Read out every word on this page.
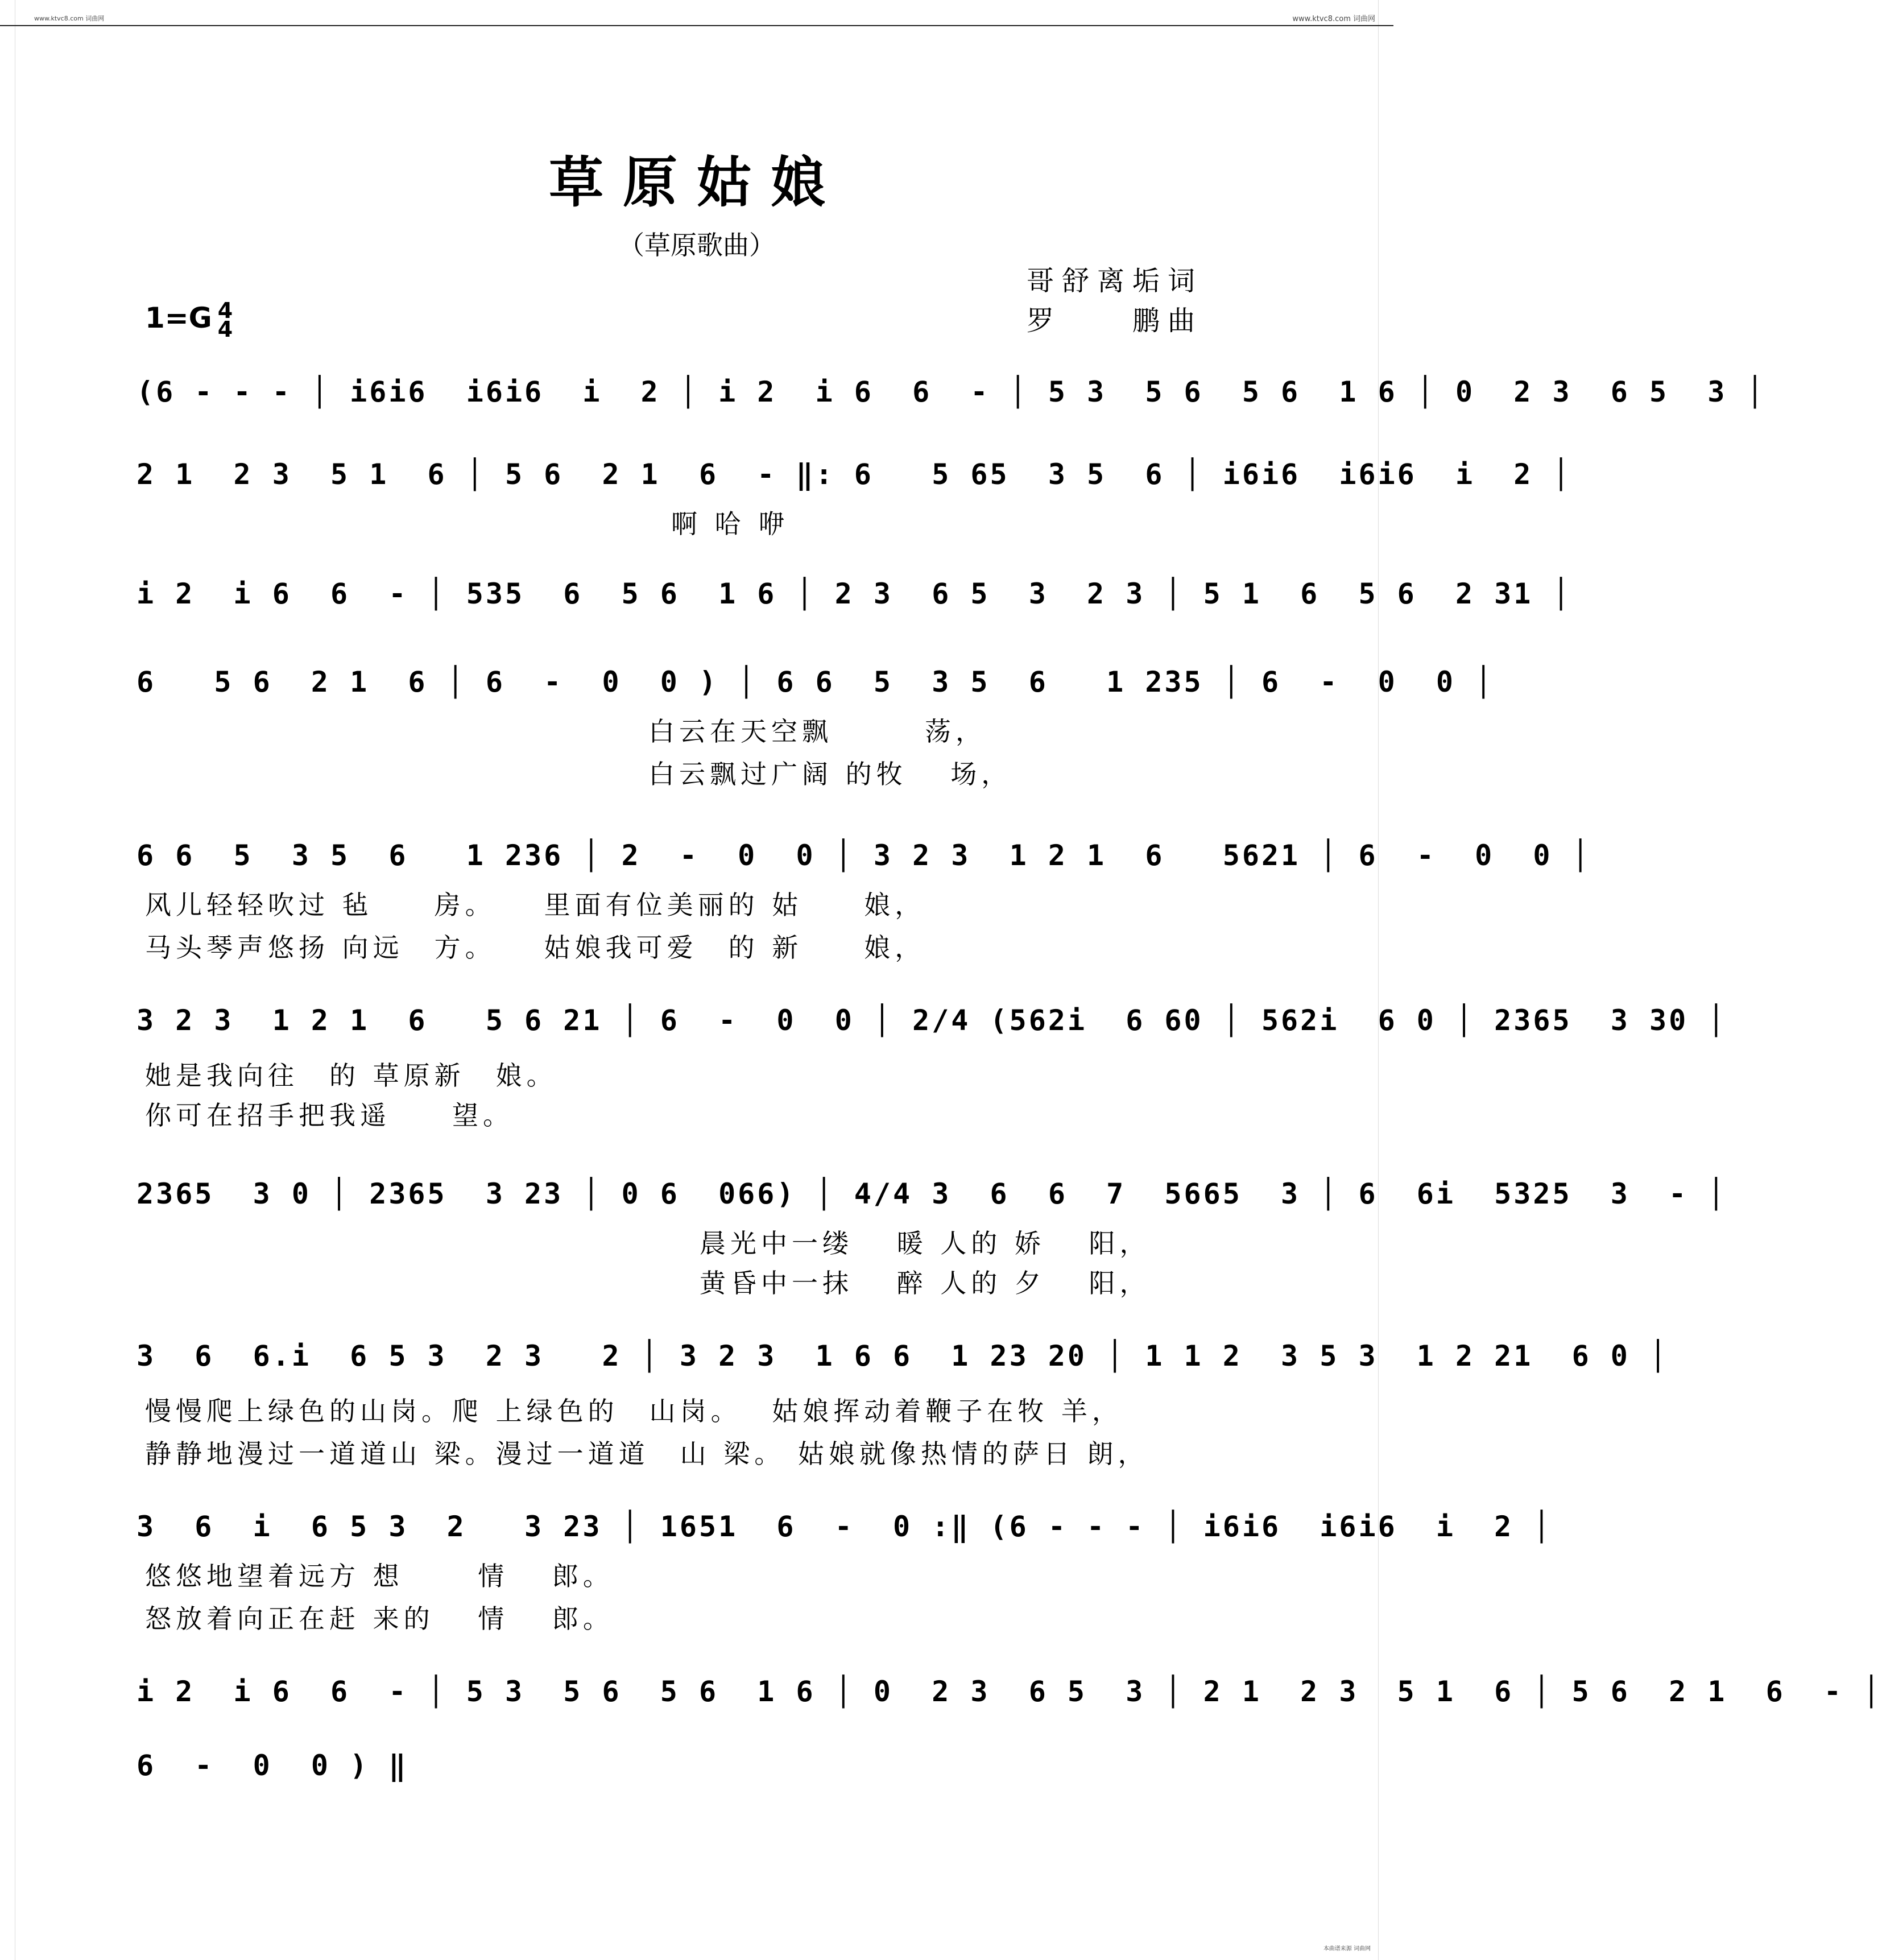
www.ktvc8.com 词曲网	www.ktvc8.com 词曲网
本曲谱来源 词曲网
草原姑娘
（草原歌曲）
哥舒离垢词
罗　　鹏曲
1=G 4
4
(6 - - - │ i6i6  i6i6  i  2 │ i 2  i 6  6  - │ 5 3  5 6  5 6  1 6 │ 0  2 3  6 5  3 │
2 1  2 3  5 1  6 │ 5 6  2 1  6  - ‖: 6   5 65  3 5  6 │ i6i6  i6i6  i  2 │
啊 哈 咿
i 2  i 6  6  - │ 535  6  5 6  1 6 │ 2 3  6 5  3  2 3 │ 5 1  6  5 6  2 31 │
6   5 6  2 1  6 │ 6  -  0  0 ) │ 6 6  5  3 5  6   1 235 │ 6  -  0  0 │
白云在天空飘　　　荡，
白云飘过广阔 的牧　 场，
6 6  5  3 5  6   1 236 │ 2  -  0  0 │ 3 2 3  1 2 1  6   5621 │ 6  -  0  0 │
风儿轻轻吹过 毡　　房。　　里面有位美丽的 姑　　娘，
马头琴声悠扬 向远　方。　　姑娘我可爱　的 新　　娘，
3 2 3  1 2 1  6   5 6 21 │ 6  -  0  0 │ 2/4 (562i  6 60 │ 562i  6 0 │ 2365  3 30 │
她是我向往　的 草原新　娘。
你可在招手把我遥　　望。
2365  3 0 │ 2365  3 23 │ 0 6  066) │ 4/4 3  6  6  7  5665  3 │ 6  6i  5325  3  - │
晨光中一缕　 暖 人的 娇　 阳，
黄昏中一抹　 醉 人的 夕　 阳，
3  6  6.i  6 5 3  2 3   2 │ 3 2 3  1 6 6  1 23 20 │ 1 1 2  3 5 3  1 2 21  6 0 │
慢慢爬上绿色的山岗。爬 上绿色的　山岗。　 姑娘挥动着鞭子在牧 羊，
静静地漫过一道道山 梁。漫过一道道　山 梁。 姑娘就像热情的萨日 朗，
3  6  i  6 5 3  2   3 23 │ 1651  6  -  0 :‖ (6 - - - │ i6i6  i6i6  i  2 │
悠悠地望着远方 想　　 情　 郎。
怒放着向正在赶 来的　 情　 郎。
i 2  i 6  6  - │ 5 3  5 6  5 6  1 6 │ 0  2 3  6 5  3 │ 2 1  2 3  5 1  6 │ 5 6  2 1  6  - │
6  -  0  0 ) ‖
